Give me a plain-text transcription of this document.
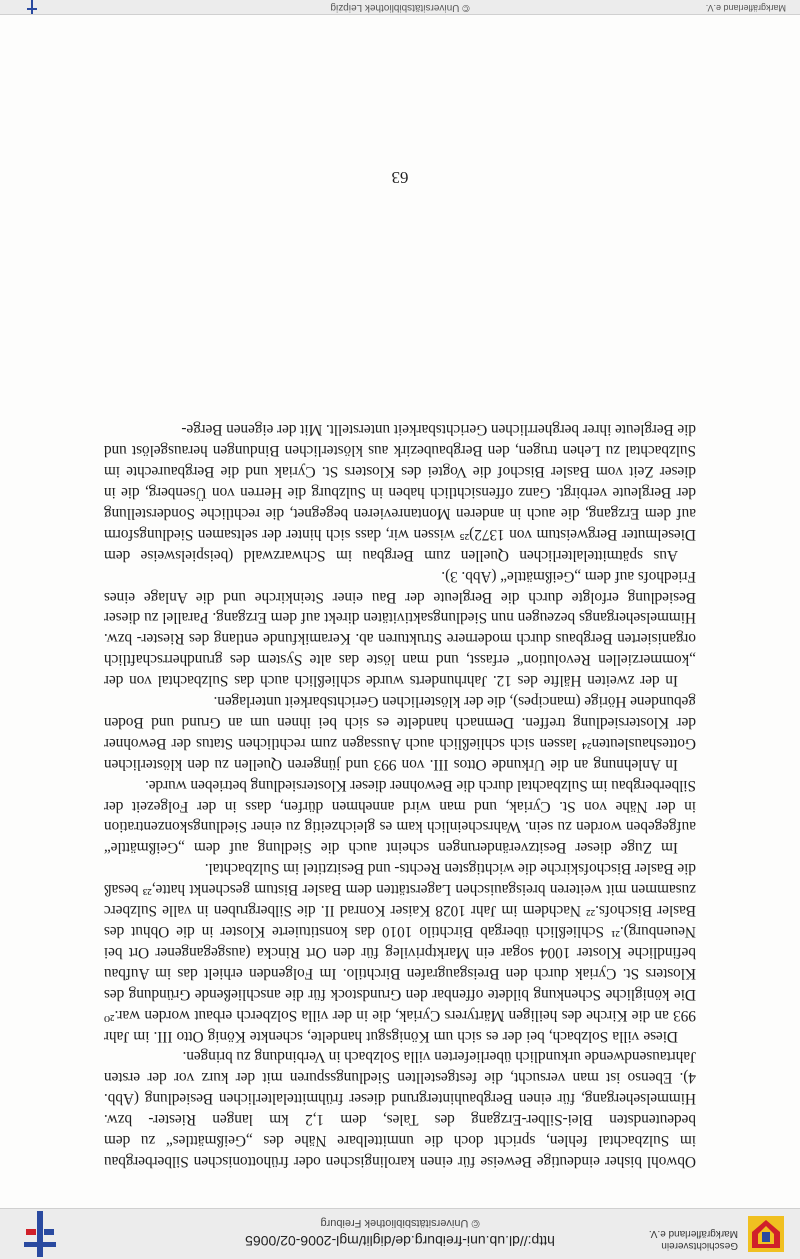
Geschichtsverein
Markgräflerland e.V.
http://dl.ub.uni-freiburg.de/diglit/mgl-2006-02/0065
© Universitätsbibliothek Freiburg

Obwohl bisher eindeutige Beweise für einen karolingischen oder frühottonischen Silberbergbau im Sulzbachtal fehlen, spricht doch die unmittelbare Nähe des „Geißmättles“ zu dem bedeutendsten Blei-Silber-Erzgang des Tales, dem 1,2 km langen Riester- bzw. Himmelsehergang, für einen Bergbauhintergrund dieser frühmittelalterlichen Besiedlung (Abb. 4). Ebenso ist man versucht, die festgestellten Siedlungsspuren mit der kurz vor der ersten Jahrtausendwende urkundlich überlieferten villa Solzbach in Verbindung zu bringen.

Diese villa Solzbach, bei der es sich um Königsgut handelte, schenkte König Otto III. im Jahr 993 an die Kirche des heiligen Märtyrers Cyriak, die in der villa Solzberch erbaut worden war.²⁰ Die königliche Schenkung bildete offenbar den Grundstock für die anschließende Gründung des Klosters St. Cyriak durch den Breisgaugrafen Birchtilo. Im Folgenden erhielt das im Aufbau befindliche Kloster 1004 sogar ein Marktprivileg für den Ort Rincka (ausgegangener Ort bei Neuenburg).²¹ Schließlich übergab Birchtilo 1010 das konstituierte Kloster in die Obhut des Basler Bischofs.²² Nachdem im Jahr 1028 Kaiser Konrad II. die Silbergruben in valle Sulzberc zusammen mit weiteren breisgauischen Lagerstätten dem Basler Bistum geschenkt hatte,²³ besaß die Basler Bischofskirche die wichtigsten Rechts- und Besitztitel im Sulzbachtal.

Im Zuge dieser Besitzveränderungen scheint auch die Siedlung auf dem „Geißmättle“ aufgegeben worden zu sein. Wahrscheinlich kam es gleichzeitig zu einer Siedlungskonzentration in der Nähe von St. Cyriak, und man wird annehmen dürfen, dass in der Folgezeit der Silberbergbau im Sulzbachtal durch die Bewohner dieser Klostersiedlung betrieben wurde.

In Anlehnung an die Urkunde Ottos III. von 993 und jüngeren Quellen zu den klösterlichen Gotteshausleuten²⁴ lassen sich schließlich auch Aussagen zum rechtlichen Status der Bewohner der Klostersiedlung treffen. Demnach handelte es sich bei ihnen um an Grund und Boden gebundene Hörige (mancipes), die der klösterlichen Gerichtsbarkeit unterlagen.

In der zweiten Hälfte des 12. Jahrhunderts wurde schließlich auch das Sulzbachtal von der „kommerziellen Revolution“ erfasst, und man löste das alte System des grundherrschaftlich organisierten Bergbaus durch modernere Strukturen ab. Keramikfunde entlang des Riester- bzw. Himmelsehergangs bezeugen nun Siedlungsaktivitäten direkt auf dem Erzgang. Parallel zu dieser Besiedlung erfolgte durch die Bergleute der Bau einer Steinkirche und die Anlage eines Friedhofs auf dem „Geißmättle“ (Abb. 3).

Aus spätmittelalterlichen Quellen zum Bergbau im Schwarzwald (beispielsweise dem Dieselmuter Bergweistum von 1372)²⁵ wissen wir, dass sich hinter der seltsamen Siedlungsform auf dem Erzgang, die auch in anderen Montanrevieren begegnet, die rechtliche Sonderstellung der Bergleute verbirgt. Ganz offensichtlich haben in Sulzburg die Herren von Üsenberg, die in dieser Zeit vom Basler Bischof die Vogtei des Klosters St. Cyriak und die Bergbaurechte im Sulzbachtal zu Lehen trugen, den Bergbaubezirk aus klösterlichen Bindungen herausgelöst und die Bergleute ihrer bergherrlichen Gerichtsbarkeit unterstellt. Mit der eigenen Berge-

63
Markgräflerland e.V.
© Universitätsbibliothek Leipzig
